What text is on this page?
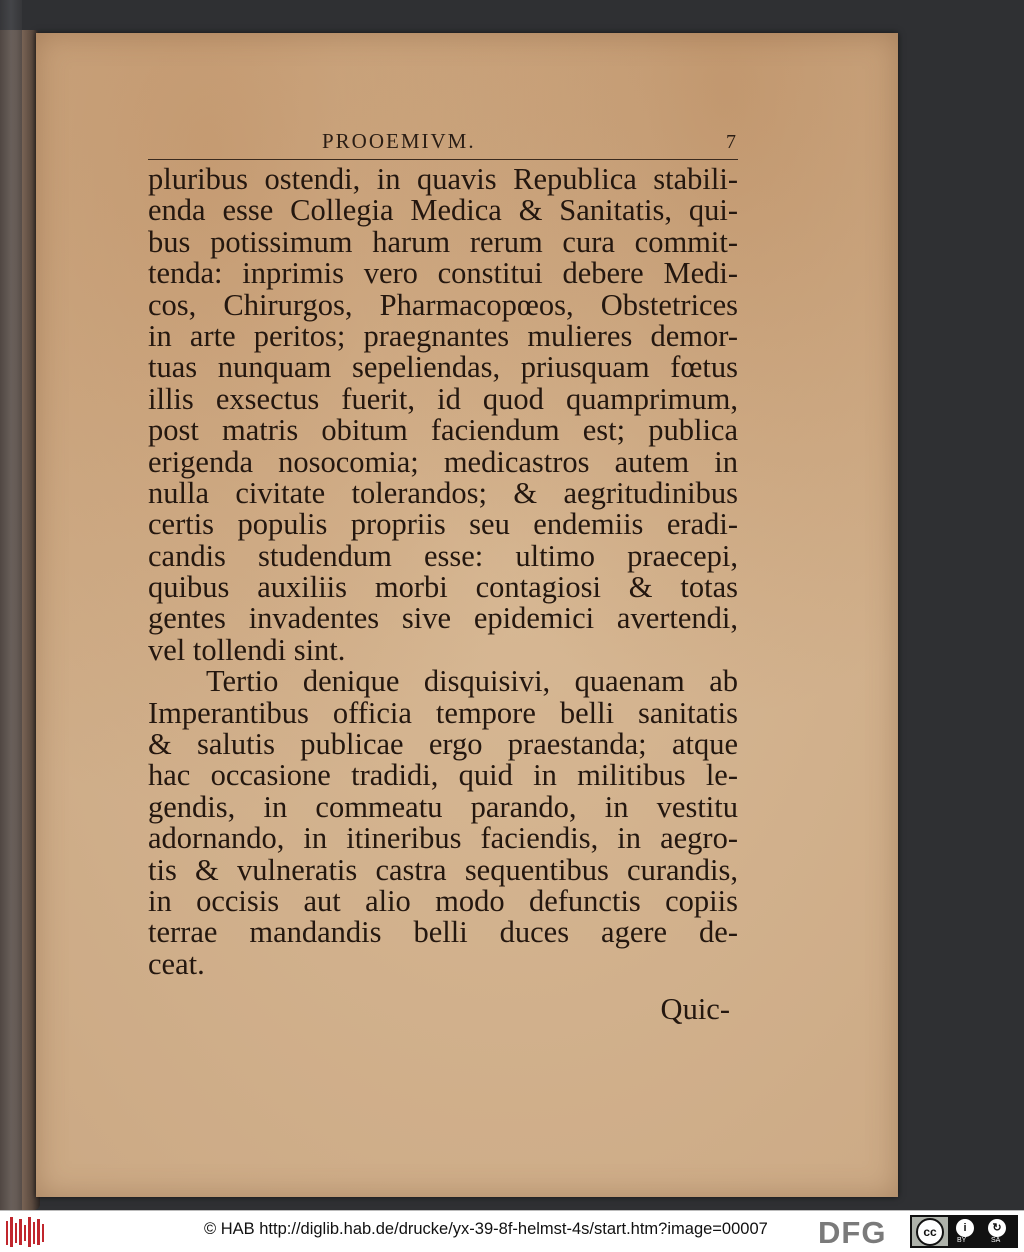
PROOEMIVM.	7
pluribus ostendi, in quavis Republica stabili-
enda esse Collegia Medica & Sanitatis, qui-
bus potissimum harum rerum cura commit-
tenda: inprimis vero constitui debere Medi-
cos, Chirurgos, Pharmacopœos, Obstetrices
in arte peritos; praegnantes mulieres demor-
tuas nunquam sepeliendas, priusquam fœtus
illis exsectus fuerit, id quod quamprimum,
post matris obitum faciendum est; publica
erigenda nosocomia; medicastros autem in
nulla civitate tolerandos; & aegritudinibus
certis populis propriis seu endemiis eradi-
candis studendum esse: ultimo praecepi,
quibus auxiliis morbi contagiosi & totas
gentes invadentes sive epidemici avertendi,
vel tollendi sint.
Tertio denique disquisivi, quaenam ab
Imperantibus officia tempore belli sanitatis
& salutis publicae ergo praestanda; atque
hac occasione tradidi, quid in militibus le-
gendis, in commeatu parando, in vestitu
adornando, in itineribus faciendis, in aegro-
tis & vulneratis castra sequentibus curandis,
in occisis aut alio modo defunctis copiis
terrae mandandis belli duces agere de-
ceat.
Quic-
© HAB http://diglib.hab.de/drucke/yx-39-8f-helmst-4s/start.htm?image=00007 DFG	cc	i	↻
BY	SA
